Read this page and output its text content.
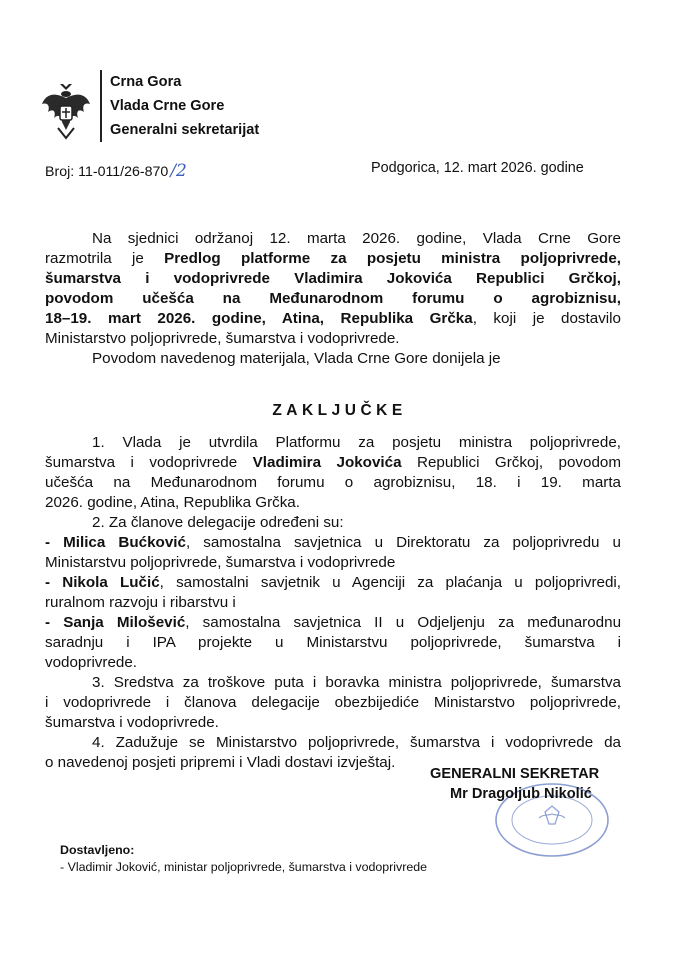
Crna Gora
Vlada Crne Gore
Generalni sekretarijat
Broj: 11-011/26-870 /2	Podgorica, 12. mart 2026. godine
Na sjednici održanoj 12. marta 2026. godine, Vlada Crne Gore
razmotrila je Predlog platforme za posjetu ministra poljoprivrede,
šumarstva i vodoprivrede Vladimira Jokovića Republici Grčkoj,
povodom učešća na Međunarodnom forumu o agrobiznisu,
18–19. mart 2026. godine, Atina, Republika Grčka, koji je dostavilo
Ministarstvo poljoprivrede, šumarstva i vodoprivrede.
Povodom navedenog materijala, Vlada Crne Gore donijela je
ZAKLJUČKE
1. Vlada je utvrdila Platformu za posjetu ministra poljoprivrede,
šumarstva i vodoprivrede Vladimira Jokovića Republici Grčkoj, povodom
učešća na Međunarodnom forumu o agrobiznisu, 18. i 19. marta
2026. godine, Atina, Republika Grčka.
2. Za članove delegacije određeni su:
- Milica Bućković, samostalna savjetnica u Direktoratu za poljoprivredu u
Ministarstvu poljoprivrede, šumarstva i vodoprivrede
- Nikola Lučić, samostalni savjetnik u Agenciji za plaćanja u poljoprivredi,
ruralnom razvoju i ribarstvu i
- Sanja Milošević, samostalna savjetnica II u Odjeljenju za međunarodnu
saradnju i IPA projekte u Ministarstvu poljoprivrede, šumarstva i
vodoprivrede.
3. Sredstva za troškove puta i boravka ministra poljoprivrede, šumarstva
i vodoprivrede i članova delegacije obezbijediće Ministarstvo poljoprivrede,
šumarstva i vodoprivrede.
4. Zadužuje se Ministarstvo poljoprivrede, šumarstva i vodoprivrede da
o navedenoj posjeti pripremi i Vladi dostavi izvještaj.
GENERALNI SEKRETAR
Mr Dragoljub Nikolić
Dostavljeno:
- Vladimir Joković, ministar poljoprivrede, šumarstva i vodoprivrede
